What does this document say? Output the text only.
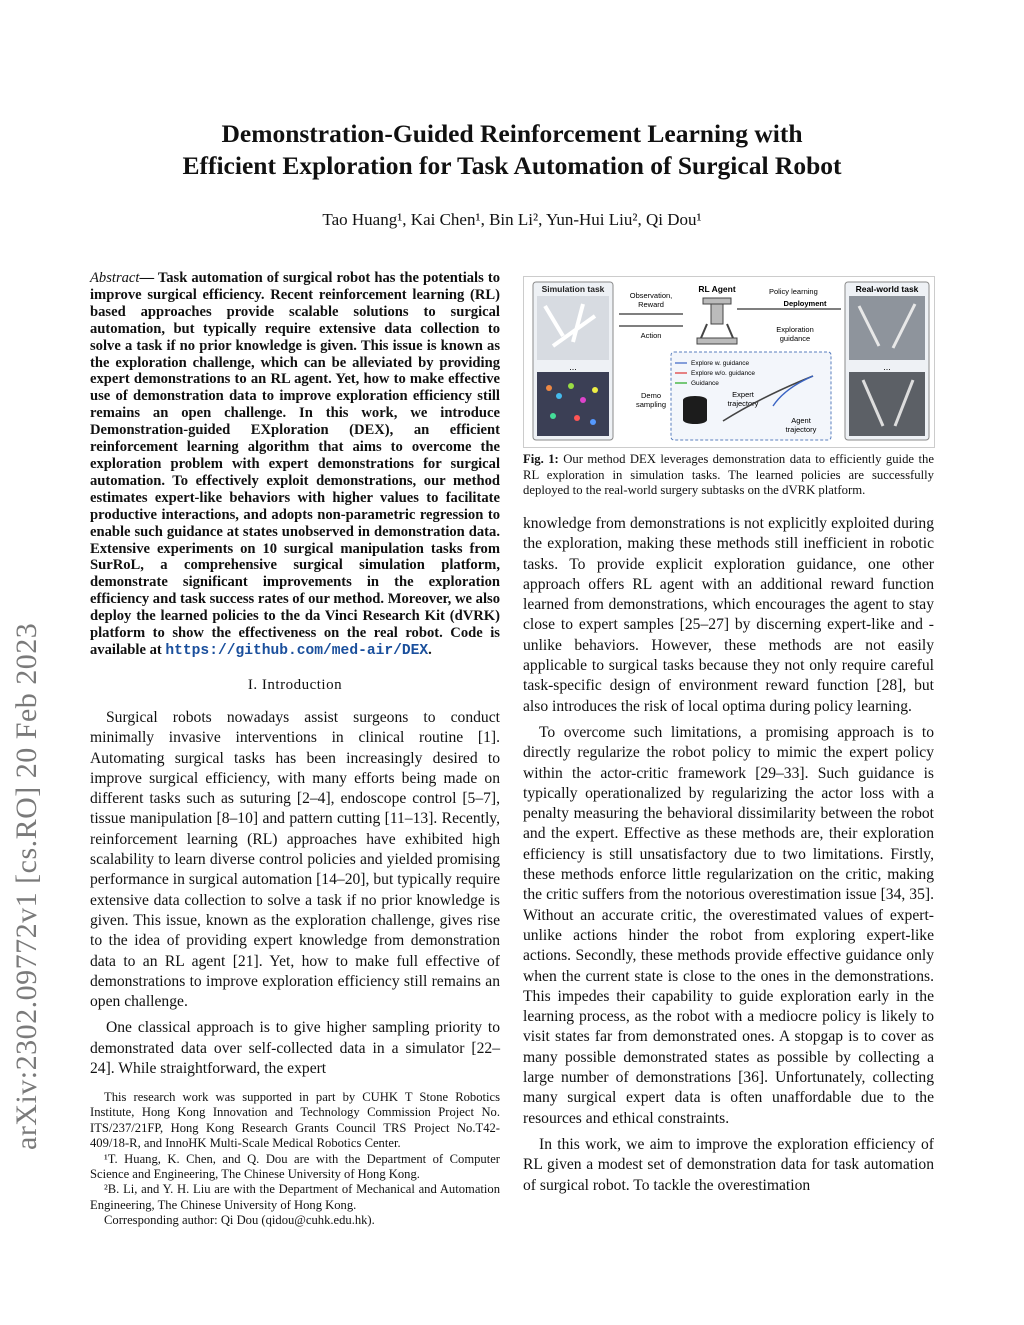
arXiv:2302.09772v1 [cs.RO] 20 Feb 2023
Demonstration-Guided Reinforcement Learning with
Efficient Exploration for Task Automation of Surgical Robot
Tao Huang¹, Kai Chen¹, Bin Li², Yun-Hui Liu², Qi Dou¹
Abstract— Task automation of surgical robot has the potentials to improve surgical efficiency. Recent reinforcement learning (RL) based approaches provide scalable solutions to surgical automation, but typically require extensive data collection to solve a task if no prior knowledge is given. This issue is known as the exploration challenge, which can be alleviated by providing expert demonstrations to an RL agent. Yet, how to make effective use of demonstration data to improve exploration efficiency still remains an open challenge. In this work, we introduce Demonstration-guided EXploration (DEX), an efficient reinforcement learning algorithm that aims to overcome the exploration problem with expert demonstrations for surgical automation. To effectively exploit demonstrations, our method estimates expert-like behaviors with higher values to facilitate productive interactions, and adopts non-parametric regression to enable such guidance at states unobserved in demonstration data. Extensive experiments on 10 surgical manipulation tasks from SurRoL, a comprehensive surgical simulation platform, demonstrate significant improvements in the exploration efficiency and task success rates of our method. Moreover, we also deploy the learned policies to the da Vinci Research Kit (dVRK) platform to show the effectiveness on the real robot. Code is available at https://github.com/med-air/DEX.
I. Introduction

Surgical robots nowadays assist surgeons to conduct minimally invasive interventions in clinical routine [1]. Automating surgical tasks has been increasingly desired to improve surgical efficiency, with many efforts being made on different tasks such as suturing [2–4], endoscope control [5–7], tissue manipulation [8–10] and pattern cutting [11–13]. Recently, reinforcement learning (RL) approaches have exhibited high scalability to learn diverse control policies and yielded promising performance in surgical automation [14–20], but typically require extensive data collection to solve a task if no prior knowledge is given. This issue, known as the exploration challenge, gives rise to the idea of providing expert knowledge from demonstration data to an RL agent [21]. Yet, how to make full effective of demonstrations to improve exploration efficiency still remains an open challenge.

One classical approach is to give higher sampling priority to demonstrated data over self-collected data in a simulator [22–24]. While straightforward, the expert

This research work was supported in part by CUHK T Stone Robotics Institute, Hong Kong Innovation and Technology Commission Project No. ITS/237/21FP, Hong Kong Research Grants Council TRS Project No.T42-409/18-R, and InnoHK Multi-Scale Medical Robotics Center.
¹T. Huang, K. Chen, and Q. Dou are with the Department of Computer Science and Engineering, The Chinese University of Hong Kong.
²B. Li, and Y. H. Liu are with the Department of Mechanical and Automation Engineering, The Chinese University of Hong Kong.
Corresponding author: Qi Dou (qidou@cuhk.edu.hk).
Simulation task
...
Observation,
Reward
Action
Demo
sampling
RL Agent	Policy learning
Deployment
Exploration
guidance
Explore w. guidance
Explore w/o. guidance
Guidance
Expert
trajectory
Agent
trajectory
Real-world task
...
Fig. 1: Our method DEX leverages demonstration data to efficiently guide the RL exploration in simulation tasks. The learned policies are successfully deployed to the real-world surgery subtasks on the dVRK platform.

knowledge from demonstrations is not explicitly exploited during the exploration, making these methods still inefficient in robotic tasks. To provide explicit exploration guidance, one other approach offers RL agent with an additional reward function learned from demonstrations, which encourages the agent to stay close to expert samples [25–27] by discerning expert-like and -unlike behaviors. However, these methods are not easily applicable to surgical tasks because they not only require careful task-specific design of environment reward function [28], but also introduces the risk of local optima during policy learning.

To overcome such limitations, a promising approach is to directly regularize the robot policy to mimic the expert policy within the actor-critic framework [29–33]. Such guidance is typically operationalized by regularizing the actor loss with a penalty measuring the behavioral dissimilarity between the robot and the expert. Effective as these methods are, their exploration efficiency is still unsatisfactory due to two limitations. Firstly, these methods enforce little regularization on the critic, making the critic suffers from the notorious overestimation issue [34, 35]. Without an accurate critic, the overestimated values of expert-unlike actions hinder the robot from exploring expert-like actions. Secondly, these methods provide effective guidance only when the current state is close to the ones in the demonstrations. This impedes their capability to guide exploration early in the learning process, as the robot with a mediocre policy is likely to visit states far from demonstrated ones. A stopgap is to cover as many possible demonstrated states as possible by collecting a large number of demonstrations [36]. Unfortunately, collecting many surgical expert data is often unaffordable due to the resources and ethical constraints.

In this work, we aim to improve the exploration efficiency of RL given a modest set of demonstration data for task automation of surgical robot. To tackle the overestimation
